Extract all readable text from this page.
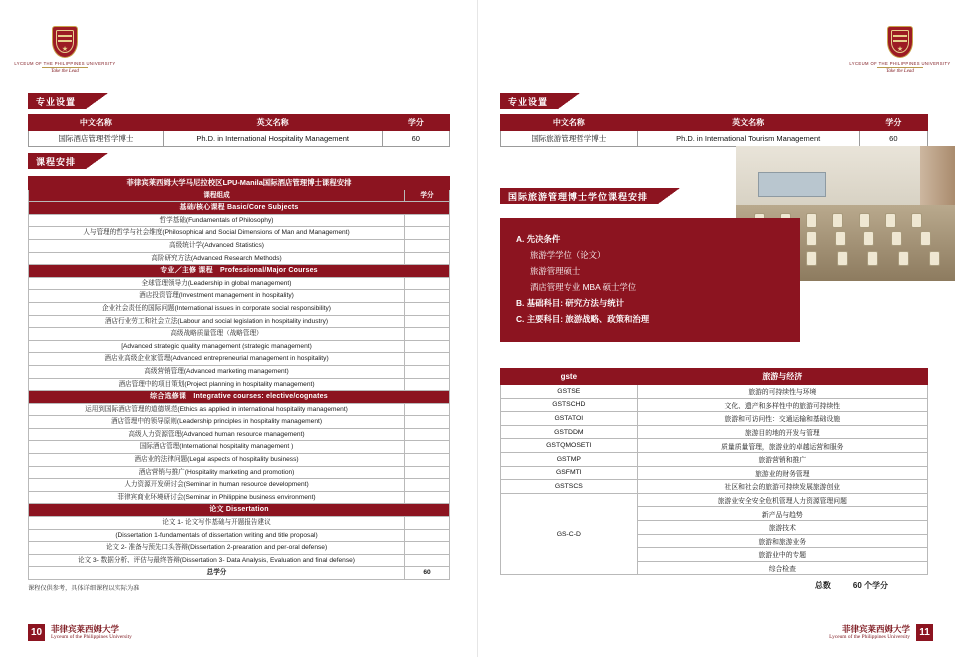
★
LYCEUM OF THE PHILIPPINES UNIVERSITY
Take the Lead
专业设置
中文名称	英文名称	学分
国际酒店管理哲学博士	Ph.D. in International Hospitality Management	60
课程安排
菲律宾莱西姆大学马尼拉校区LPU-Manila国际酒店管理博士课程安排	
课程组成	学分
基础/核心课程 Basic/Core Subjects	
哲学基础(Fundamentals of Philosophy)	
人与管理的哲学与社会维度(Philosophical and Social Dimensions of Man and Management)	
高级统计学(Advanced Statistics)	
高阶研究方法(Advanced Research Methods)	
专业／主修 课程　Professional/Major Courses	
全球管理领导力(Leadership in global management)	
酒店投资管理(Investment management in hospitality)	
企业社会责任的国际问题(International issues in corporate social responsibility)	
酒店行业劳工和社会立法(Labour and social legislation in hospitality industry)	
高级战略质量管理（战略管理）	
[Advanced strategic quality management (strategic management)	
酒店业高级企业家管理(Advanced entrepreneurial management in hospitality)	
高级营销管理(Advanced marketing management)	
酒店管理中的项目策划(Project planning in hospitality management)	
综合选修课　Integrative courses: elective/cognates	
运用到国际酒店管理的道德规范(Ethics as applied in international hospitality management)	
酒店管理中的领导原则(Leadership principles in hospitality management)	
高级人力资源管理(Advanced human resource management)	
国际酒店管理(International hospitality management )	
酒店业的法律问题(Legal aspects of hospitality business)	
酒店营销与推广(Hospitality marketing and promotion)	
人力资源开发研讨会(Seminar in human resource development)	
菲律宾商业环境研讨会(Seminar in Philippine business environment)	
论文 Dissertation	
论文 1- 论文写作基础与开题报告建议	
(Dissertation 1-fundamentals of dissertation writing and title proposal)	
论文 2- 准备与预先口头答辩(Dissertation 2-prearation and per-oral defense)	
论文 3- 数据分析、评估与最终答辩(Dissertation 3- Data Analysis, Evaluation and final defense)	
总学分	60
课程仅供参考，具体详细课程以实际为准
10	菲律宾莱西姆大学
Lyceum of the Philippines University
★
LYCEUM OF THE PHILIPPINES UNIVERSITY
Take the Lead
专业设置
中文名称	英文名称	学分
国际旅游管理哲学博士	Ph.D. in International Tourism Management	60
国际旅游管理博士学位课程安排
A. 先决条件
旅游学学位（论文）
旅游管理硕士
酒店管理专业 MBA 硕士学位
B. 基础科目: 研究方法与统计
C. 主要科目: 旅游战略、政策和治理
gste	旅游与经济
GSTSE	旅游的可持续性与环境
GSTSCHD	文化、遗产和多样性中的旅游可持续性
GSTATOI	旅游和可访问性：交通运输和基础设施
GSTDDM	旅游目的地的开发与管理
GSTQMOSETI	质量质量管理，旅游业的卓越运营和服务
GSTMP	旅游营销和推广
GSFMTI	旅游业的财务管理
GSTSCS	社区和社会的旅游可持续发展旅游创业
GS-C-D	旅游业安全安全危机管理人力资源管理问题
	新产品与趋势
	旅游技术
	旅游和旅游业务
	旅游业中的专题
	综合检查
总数	60 个学分
菲律宾莱西姆大学
Lyceum of the Philippines University 11
